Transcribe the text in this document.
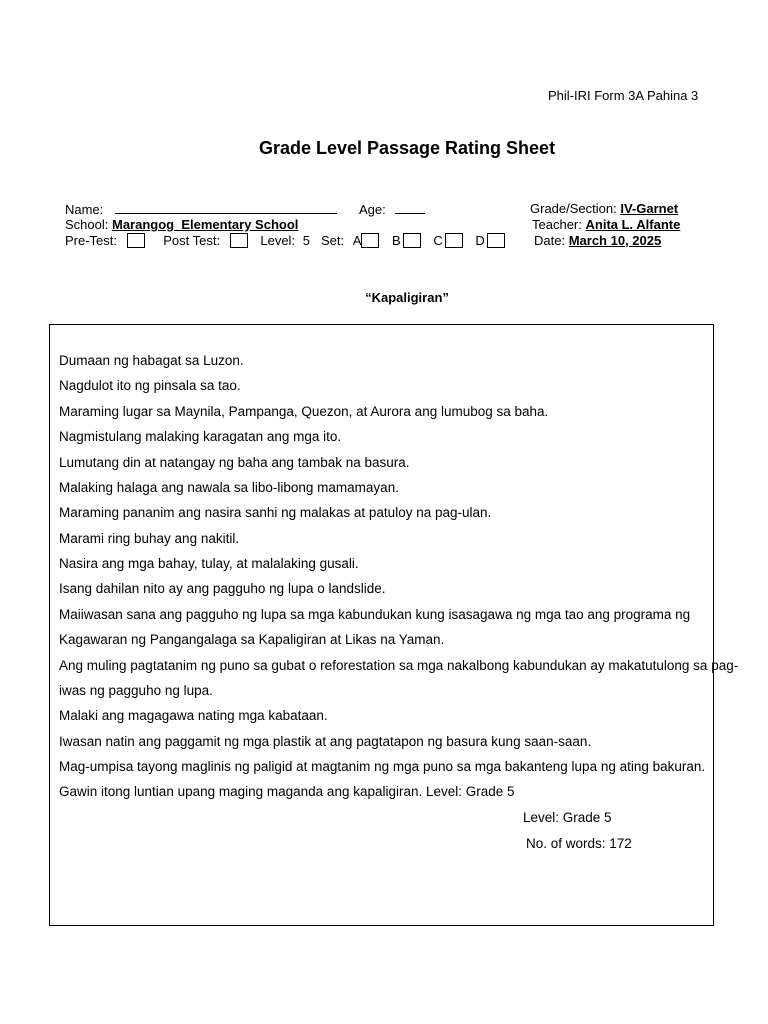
Phil-IRI Form 3A Pahina 3
Grade Level Passage Rating Sheet
Name:	Age:	Grade/Section: IV-Garnet
School: Marangog  Elementary School	Teacher: Anita L. Alfante
Pre-Test:	Post Test:	Level: 5 Set: A B	C	D	Date: March 10, 2025
“Kapaligiran”
Dumaan ng habagat sa Luzon.
Nagdulot ito ng pinsala sa tao.
Maraming lugar sa Maynila, Pampanga, Quezon, at Aurora ang lumubog sa baha.
Nagmistulang malaking karagatan ang mga ito.
Lumutang din at natangay ng baha ang tambak na basura.
Malaking halaga ang nawala sa libo-libong mamamayan.
Maraming pananim ang nasira sanhi ng malakas at patuloy na pag-ulan.
Marami ring buhay ang nakitil.
Nasira ang mga bahay, tulay, at malalaking gusali.
Isang dahilan nito ay ang pagguho ng lupa o landslide.
Maiiwasan sana ang pagguho ng lupa sa mga kabundukan kung isasagawa ng mga tao ang programa ng
Kagawaran ng Pangangalaga sa Kapaligiran at Likas na Yaman.
Ang muling pagtatanim ng puno sa gubat o reforestation sa mga nakalbong kabundukan ay makatutulong sa pag-
iwas ng pagguho ng lupa.
Malaki ang magagawa nating mga kabataan.
Iwasan natin ang paggamit ng mga plastik at ang pagtatapon ng basura kung saan-saan.
Mag-umpisa tayong maglinis ng paligid at magtanim ng mga puno sa mga bakanteng lupa ng ating bakuran.
Gawin itong luntian upang maging maganda ang kapaligiran. Level: Grade 5
Level: Grade 5
No. of words: 172
